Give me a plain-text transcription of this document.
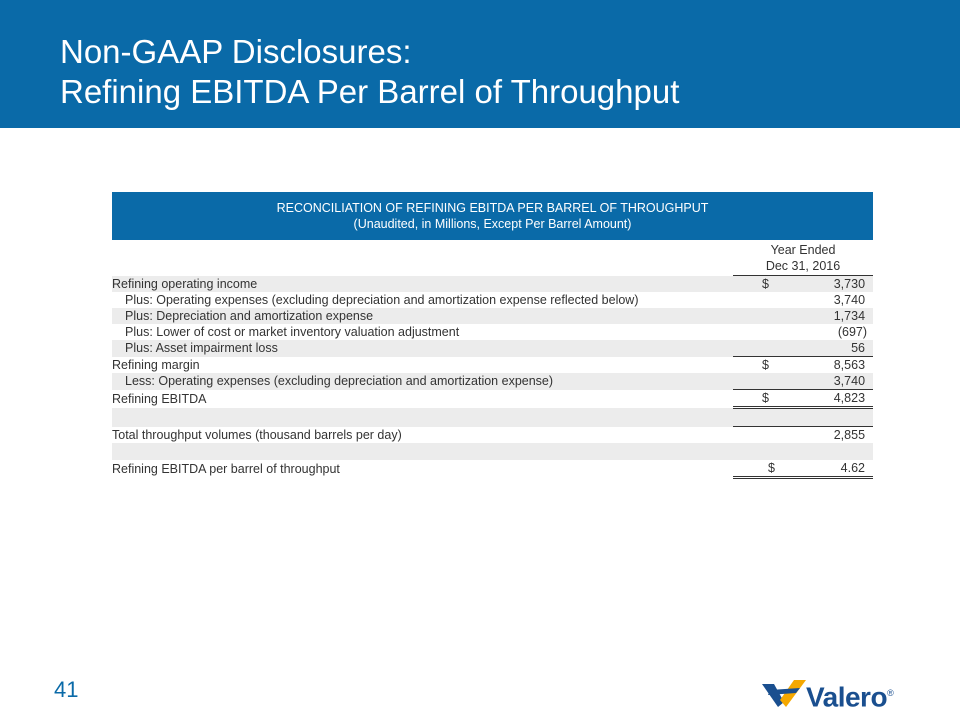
Non-GAAP Disclosures:
Refining EBITDA Per Barrel of Throughput
RECONCILIATION OF REFINING EBITDA PER BARREL OF THROUGHPUT
(Unaudited, in Millions, Except Per Barrel Amount)	

	Year Ended
Dec 31, 2016

Refining operating income	$ 3,730

Plus: Operating expenses (excluding depreciation and amortization expense reflected below)	3,740

Plus: Depreciation and amortization expense	1,734

Plus: Lower of cost or market inventory valuation adjustment	(697)

Plus: Asset impairment loss	56

Refining margin	$ 8,563

Less: Operating expenses (excluding depreciation and amortization expense)	3,740

Refining EBITDA	$ 4,823

Total throughput volumes (thousand barrels per day)	2,855

Refining EBITDA per barrel of throughput	$ 4.62
41	Valero®
